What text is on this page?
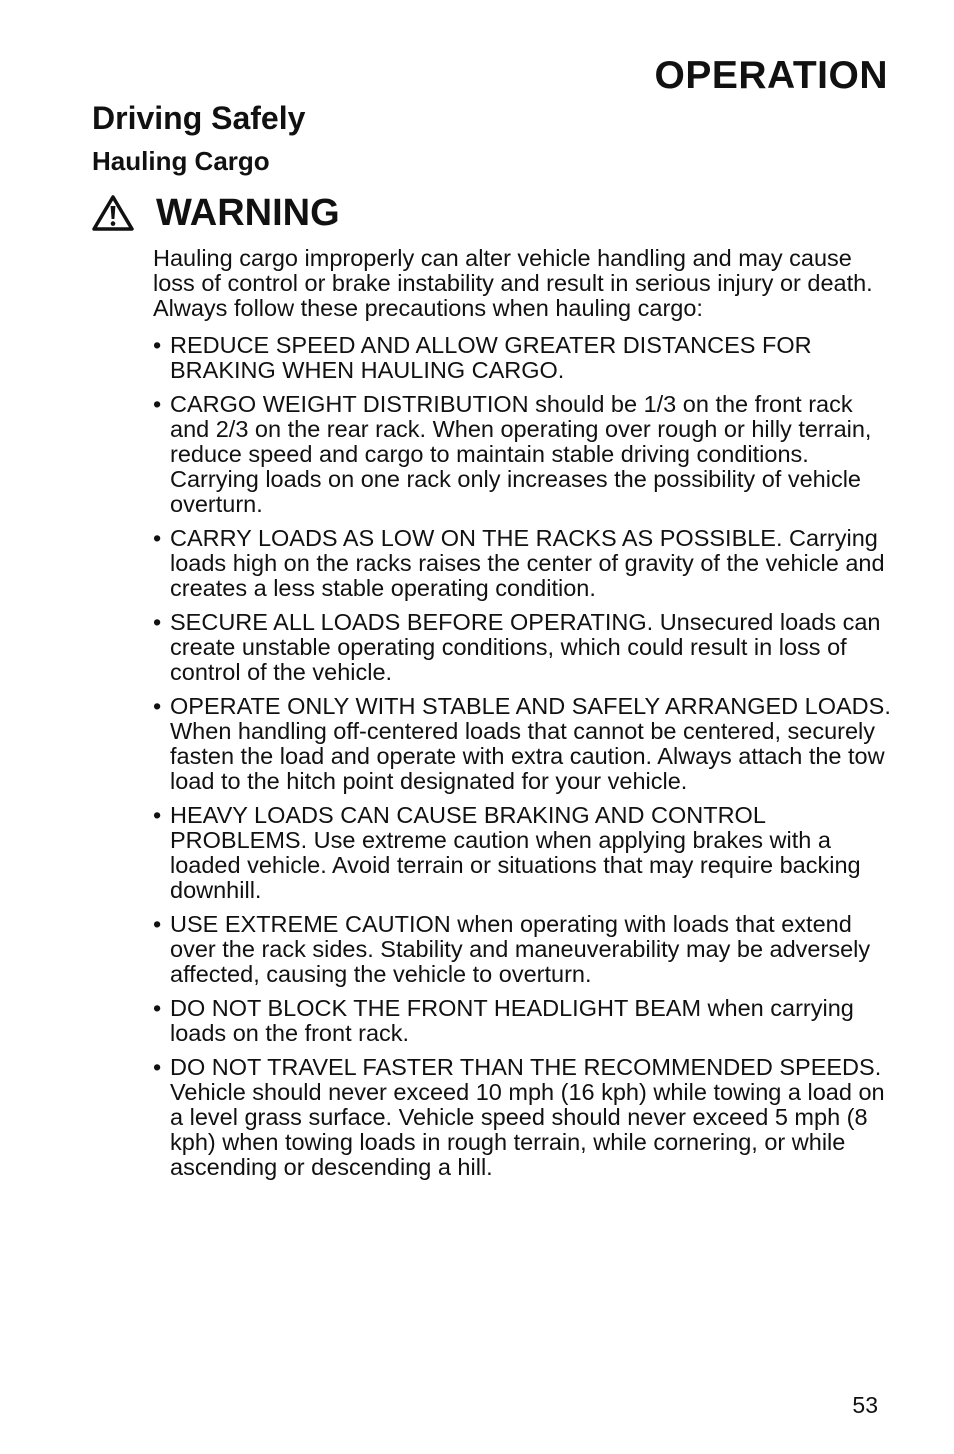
OPERATION
Driving Safely
Hauling Cargo
WARNING

Hauling cargo improperly can alter vehicle handling and may cause loss of control or brake instability and result in serious injury or death. Always follow these precautions when hauling cargo:

• REDUCE SPEED AND ALLOW GREATER DISTANCES FOR BRAKING WHEN HAULING CARGO.
• CARGO WEIGHT DISTRIBUTION should be 1/3 on the front rack and 2/3 on the rear rack. When operating over rough or hilly terrain, reduce speed and cargo to maintain stable driving conditions. Carrying loads on one rack only increases the possibility of vehicle overturn.
• CARRY LOADS AS LOW ON THE RACKS AS POSSIBLE. Carrying loads high on the racks raises the center of gravity of the vehicle and creates a less stable operating condition.
• SECURE ALL LOADS BEFORE OPERATING. Unsecured loads can create unstable operating conditions, which could result in loss of control of the vehicle.
• OPERATE ONLY WITH STABLE AND SAFELY ARRANGED LOADS. When handling off-centered loads that cannot be centered, securely fasten the load and operate with extra caution. Always attach the tow load to the hitch point designated for your vehicle.
• HEAVY LOADS CAN CAUSE BRAKING AND CONTROL PROBLEMS. Use extreme caution when applying brakes with a loaded vehicle. Avoid terrain or situations that may require backing downhill.
• USE EXTREME CAUTION when operating with loads that extend over the rack sides. Stability and maneuverability may be adversely affected, causing the vehicle to overturn.
• DO NOT BLOCK THE FRONT HEADLIGHT BEAM when carrying loads on the front rack.
• DO NOT TRAVEL FASTER THAN THE RECOMMENDED SPEEDS. Vehicle should never exceed 10 mph (16 kph) while towing a load on a level grass surface. Vehicle speed should never exceed 5 mph (8 kph) when towing loads in rough terrain, while cornering, or while ascending or descending a hill.
53
